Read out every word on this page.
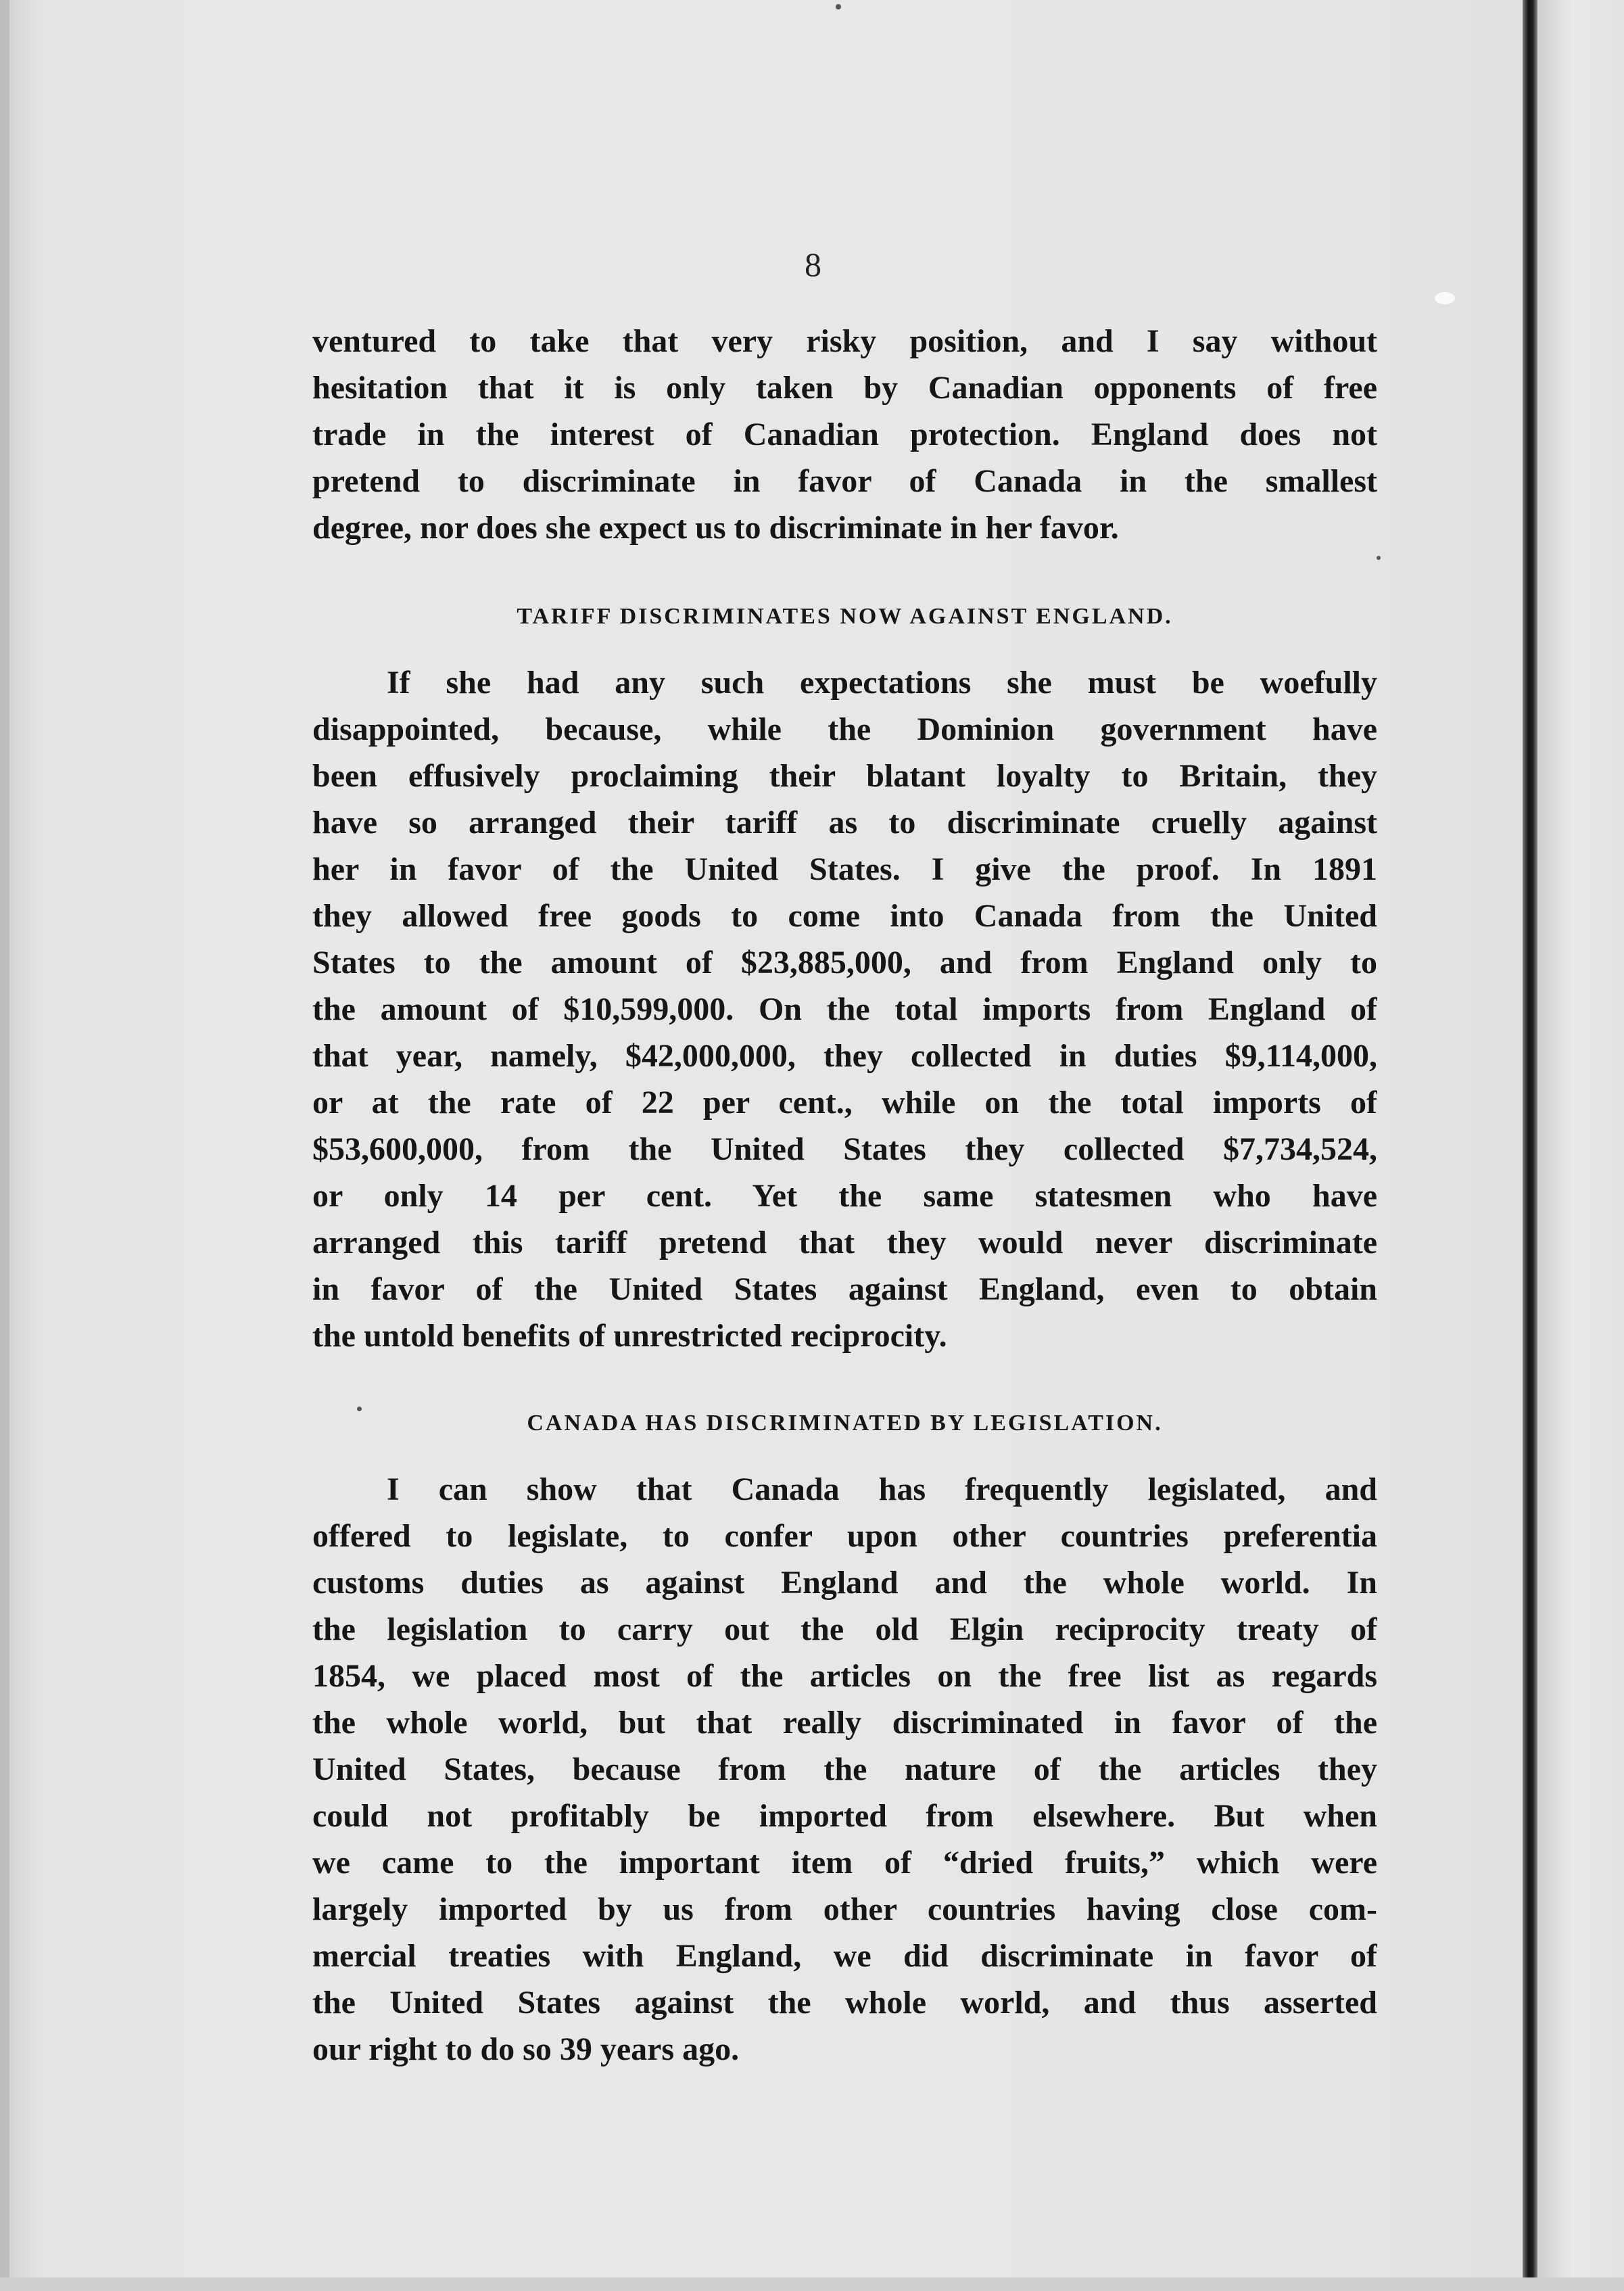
8
ventured to take that very risky position, and I say without
hesitation that it is only taken by Canadian opponents of free
trade in the interest of Canadian protection. England does not
pretend to discriminate in favor of Canada in the smallest
degree, nor does she expect us to discriminate in her favor.
TARIFF DISCRIMINATES NOW AGAINST ENGLAND.
If she had any such expectations she must be woefully
disappointed, because, while the Dominion government have
been effusively proclaiming their blatant loyalty to Britain, they
have so arranged their tariff as to discriminate cruelly against
her in favor of the United States. I give the proof. In 1891
they allowed free goods to come into Canada from the United
States to the amount of $23,885,000, and from England only to
the amount of $10,599,000. On the total imports from England of
that year, namely, $42,000,000, they collected in duties $9,114,000,
or at the rate of 22 per cent., while on the total imports of
$53,600,000, from the United States they collected $7,734,524,
or only 14 per cent. Yet the same statesmen who have
arranged this tariff pretend that they would never discriminate
in favor of the United States against England, even to obtain
the untold benefits of unrestricted reciprocity.
CANADA HAS DISCRIMINATED BY LEGISLATION.
I can show that Canada has frequently legislated, and
offered to legislate, to confer upon other countries preferentia
customs duties as against England and the whole world. In
the legislation to carry out the old Elgin reciprocity treaty of
1854, we placed most of the articles on the free list as regards
the whole world, but that really discriminated in favor of the
United States, because from the nature of the articles they
could not profitably be imported from elsewhere. But when
we came to the important item of “dried fruits,” which were
largely imported by us from other countries having close com-
mercial treaties with England, we did discriminate in favor of
the United States against the whole world, and thus asserted
our right to do so 39 years ago.
